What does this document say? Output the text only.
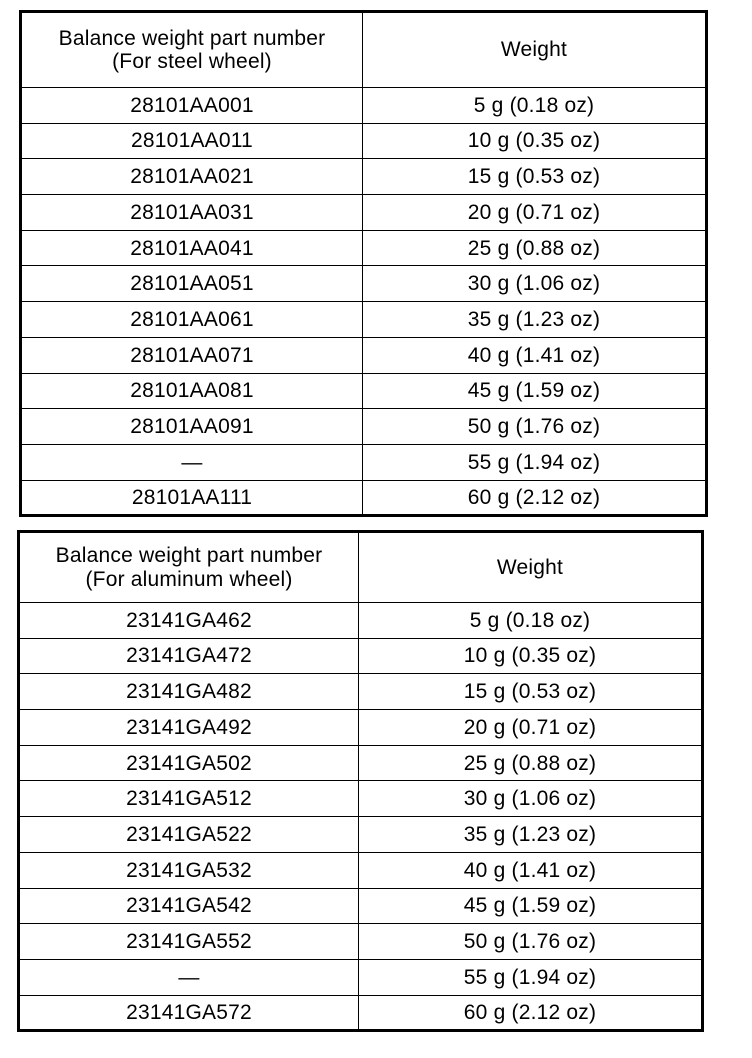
Balance weight part number
(For steel wheel)	Weight
28101AA001	5 g (0.18 oz)
28101AA011	10 g (0.35 oz)
28101AA021	15 g (0.53 oz)
28101AA031	20 g (0.71 oz)
28101AA041	25 g (0.88 oz)
28101AA051	30 g (1.06 oz)
28101AA061	35 g (1.23 oz)
28101AA071	40 g (1.41 oz)
28101AA081	45 g (1.59 oz)
28101AA091	50 g (1.76 oz)
—	55 g (1.94 oz)
28101AA111	60 g (2.12 oz)
Balance weight part number
(For aluminum wheel)	Weight
23141GA462	5 g (0.18 oz)
23141GA472	10 g (0.35 oz)
23141GA482	15 g (0.53 oz)
23141GA492	20 g (0.71 oz)
23141GA502	25 g (0.88 oz)
23141GA512	30 g (1.06 oz)
23141GA522	35 g (1.23 oz)
23141GA532	40 g (1.41 oz)
23141GA542	45 g (1.59 oz)
23141GA552	50 g (1.76 oz)
—	55 g (1.94 oz)
23141GA572	60 g (2.12 oz)
